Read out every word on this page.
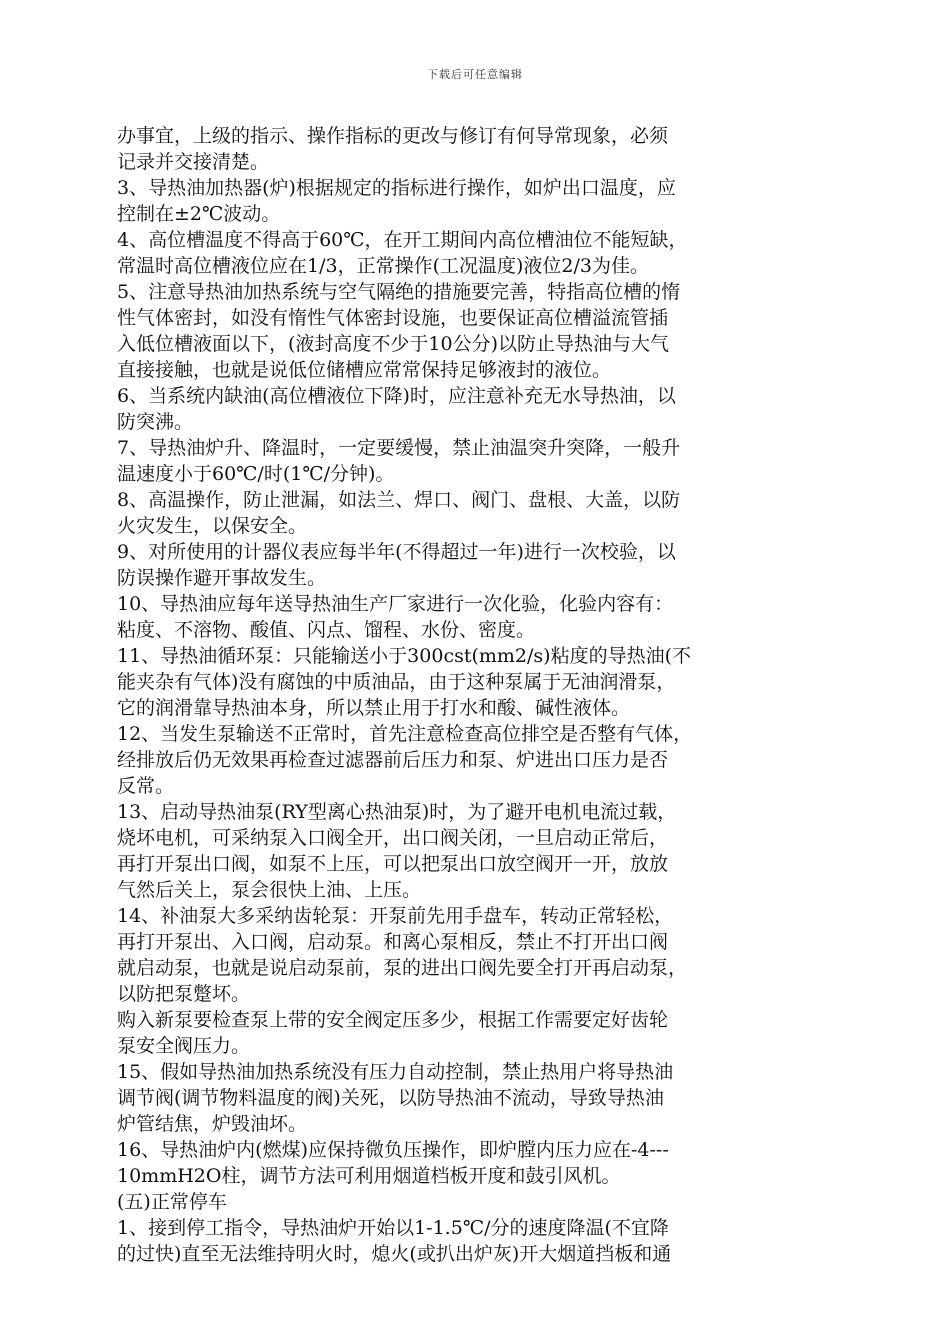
下载后可任意编辑
办事宜，上级的指示、操作指标的更改与修订有何导常现象，必须
记录并交接清楚。
3、导热油加热器(炉)根据规定的指标进行操作，如炉出口温度，应
控制在±2℃波动。
4、高位槽温度不得高于60℃，在开工期间内高位槽油位不能短缺，
常温时高位槽液位应在1/3，正常操作(工况温度)液位2/3为佳。
5、注意导热油加热系统与空气隔绝的措施要完善，特指高位槽的惰
性气体密封，如没有惰性气体密封设施，也要保证高位槽溢流管插
入低位槽液面以下，(液封高度不少于10公分)以防止导热油与大气
直接接触，也就是说低位储槽应常常保持足够液封的液位。
6、当系统内缺油(高位槽液位下降)时，应注意补充无水导热油，以
防突沸。
7、导热油炉升、降温时，一定要缓慢，禁止油温突升突降，一般升
温速度小于60℃/时(1℃/分钟)。
8、高温操作，防止泄漏，如法兰、焊口、阀门、盘根、大盖，以防
火灾发生，以保安全。
9、对所使用的计器仪表应每半年(不得超过一年)进行一次校验，以
防误操作避开事故发生。
10、导热油应每年送导热油生产厂家进行一次化验，化验内容有：
粘度、不溶物、酸值、闪点、馏程、水份、密度。
11、导热油循环泵：只能输送小于300cst(mm2/s)粘度的导热油(不
能夹杂有气体)没有腐蚀的中质油品，由于这种泵属于无油润滑泵，
它的润滑靠导热油本身，所以禁止用于打水和酸、碱性液体。
12、当发生泵输送不正常时，首先注意检查高位排空是否整有气体，
经排放后仍无效果再检查过滤器前后压力和泵、炉进出口压力是否
反常。
13、启动导热油泵(RY型离心热油泵)时，为了避开电机电流过载，
烧坏电机，可采纳泵入口阀全开，出口阀关闭，一旦启动正常后，
再打开泵出口阀，如泵不上压，可以把泵出口放空阀开一开，放放
气然后关上，泵会很快上油、上压。
14、补油泵大多采纳齿轮泵：开泵前先用手盘车，转动正常轻松，
再打开泵出、入口阀，启动泵。和离心泵相反，禁止不打开出口阀
就启动泵，也就是说启动泵前，泵的进出口阀先要全打开再启动泵，
以防把泵蹩坏。
购入新泵要检查泵上带的安全阀定压多少，根据工作需要定好齿轮
泵安全阀压力。
15、假如导热油加热系统没有压力自动控制，禁止热用户将导热油
调节阀(调节物料温度的阀)关死，以防导热油不流动，导致导热油
炉管结焦，炉毁油坏。
16、导热油炉内(燃煤)应保持微负压操作，即炉膛内压力应在-4---
10mmH2O柱，调节方法可利用烟道档板开度和鼓引风机。
(五)正常停车
1、接到停工指令，导热油炉开始以1-1.5℃/分的速度降温(不宜降
的过快)直至无法维持明火时，熄火(或扒出炉灰)开大烟道挡板和通
